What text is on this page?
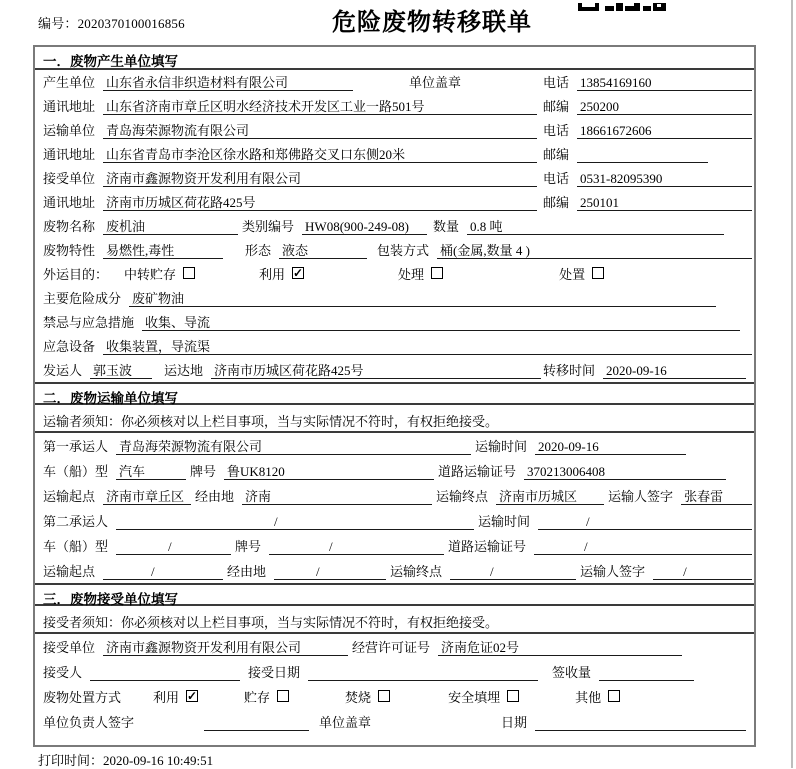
编号：2020370100016856	危险废物转移联单
一．废物产生单位填写
产生单位 山东省永信非织造材料有限公司	单位盖章	电话 13854169160
通讯地址 山东省济南市章丘区明水经济技术开发区工业一路501号	邮编 250200
运输单位 青岛海荣源物流有限公司	电话 18661672606
通讯地址 山东省青岛市李沧区徐水路和郑佛路交叉口东侧20米	邮编
接受单位 济南市鑫源物资开发利用有限公司	电话 0531-82095390
通讯地址 济南市历城区荷花路425号	邮编 250101
废物名称 废机油	类别编号 HW08(900-249-08)	数量 0.8 吨
废物特性 易燃性,毒性	形态 液态	包装方式 桶(金属,数量 4 )
外运目的： 中转贮存	利用 ✓	处理	处置
主要危险成分 废矿物油
禁忌与应急措施 收集、导流
应急设备 收集装置，导流渠
发运人 郭玉波	运达地 济南市历城区荷花路425号	转移时间 2020-09-16
二．废物运输单位填写
运输者须知：你必须核对以上栏目事项，当与实际情况不符时，有权拒绝接受。
第一承运人 青岛海荣源物流有限公司	运输时间 2020-09-16
车（船）型 汽车	牌号 鲁UK8120	道路运输证号 370213006408
运输起点 济南市章丘区 经由地 济南	运输终点 济南市历城区	运输人签字 张春雷
第二承运人	/	运输时间	/
车（船）型	/	牌号	/	道路运输证号	/
运输起点	/	经由地	/	运输终点	/	运输人签字	/
三．废物接受单位填写
接受者须知：你必须核对以上栏目事项，当与实际情况不符时，有权拒绝接受。
接受单位 济南市鑫源物资开发利用有限公司	经营许可证号 济南危证02号
接受人	接受日期	签收量
废物处置方式 利用 ✓	贮存	焚烧	安全填埋	其他
单位负责人签字	单位盖章	日期
打印时间：2020-09-16 10:49:51
